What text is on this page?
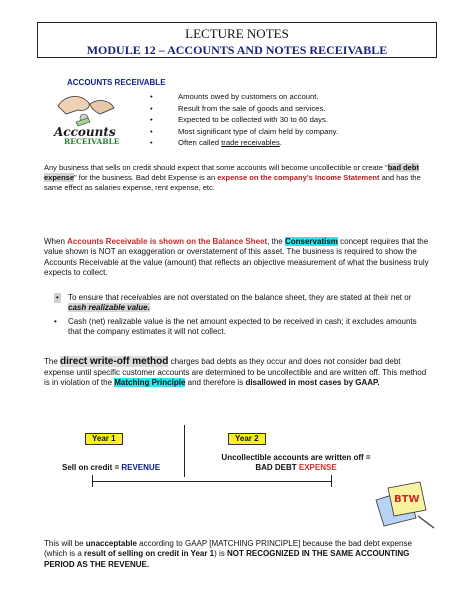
LECTURE NOTES
MODULE 12 – ACCOUNTS AND NOTES RECEIVABLE
ACCOUNTS RECEIVABLE
Accounts
RECEIVABLE
• Amounts owed by customers on account.
• Result from the sale of goods and services.
• Expected to be collected with 30 to 60 days.
• Most significant type of claim held by company.
• Often called trade receivables.
Any business that sells on credit should expect that some accounts will become uncollectible or create "bad debt expense" for the business. Bad debt Expense is an expense on the company’s Income Statement and has the same effect as salaries expense, rent expense, etc.
When Accounts Receivable is shown on the Balance Sheet, the Conservatism concept requires that the value shown is NOT an exaggeration or overstatement of this asset. The business is required to show the Accounts Receivable at the value (amount) that reflects an objective measurement of what the business truly expects to collect.
• To ensure that receivables are not overstated on the balance sheet, they are stated at their net or cash realizable value.
• Cash (net) realizable value is the net amount expected to be received in cash; it excludes amounts that the company estimates it will not collect.
The direct write-off method charges bad debts as they occur and does not consider bad debt expense until specific customer accounts are determined to be uncollectible and are written off. This method is in violation of the Matching Principle and therefore is disallowed in most cases by GAAP.
Year 1	Year 2
Uncollectible accounts are written off =
BAD DEBT EXPENSE
Sell on credit = REVENUE
BTW
This will be unacceptable according to GAAP [MATCHING PRINCIPLE] because the bad debt expense (which is a result of selling on credit in Year 1) is NOT RECOGNIZED IN THE SAME ACCOUNTING PERIOD AS THE REVENUE.
